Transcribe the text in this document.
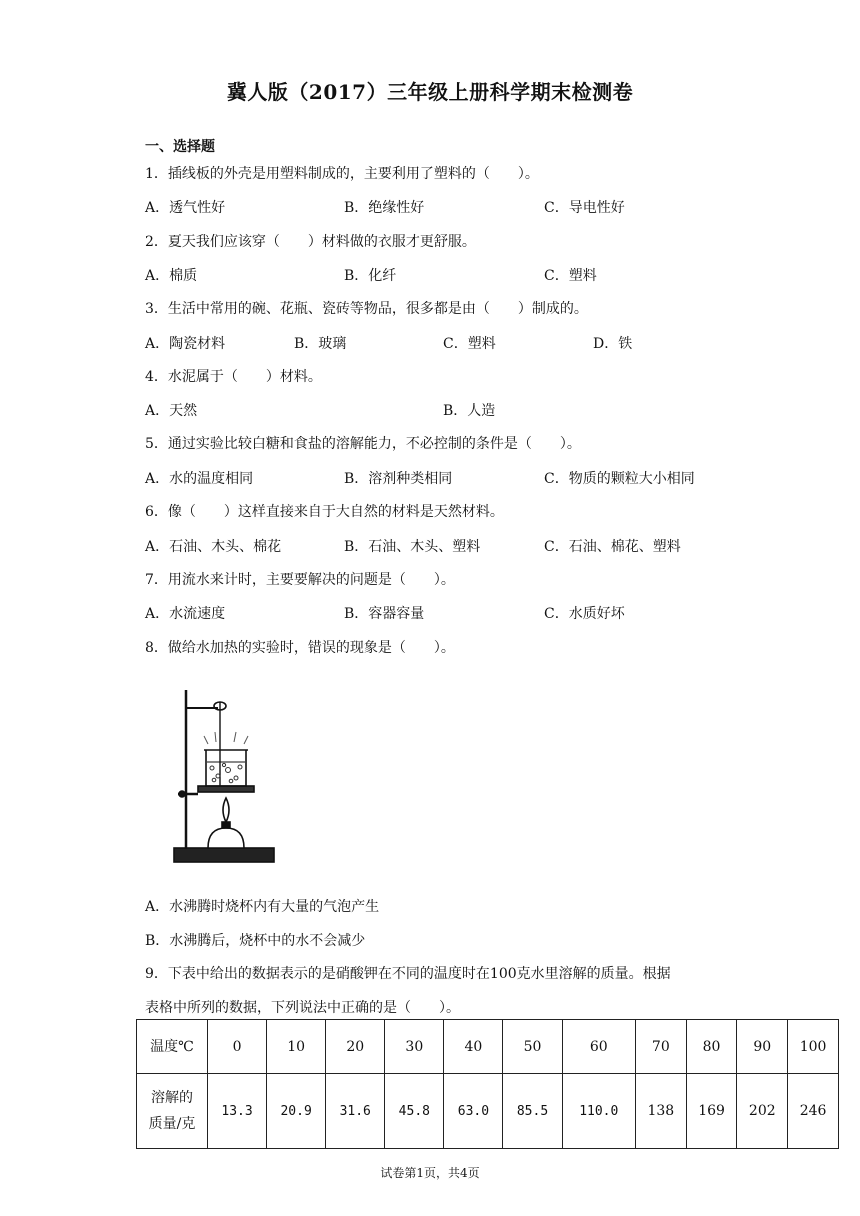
冀人版（2017）三年级上册科学期末检测卷
一、选择题
1．插线板的外壳是用塑料制成的，主要利用了塑料的（　　）。
A．透气性好	B．绝缘性好	C．导电性好
2．夏天我们应该穿（　　）材料做的衣服才更舒服。
A．棉质	B．化纤	C．塑料
3．生活中常用的碗、花瓶、瓷砖等物品，很多都是由（　　）制成的。
A．陶瓷材料	B．玻璃	C．塑料	D．铁
4．水泥属于（　　）材料。
A．天然	B．人造
5．通过实验比较白糖和食盐的溶解能力，不必控制的条件是（　　）。
A．水的温度相同	B．溶剂种类相同	C．物质的颗粒大小相同
6．像（　　）这样直接来自于大自然的材料是天然材料。
A．石油、木头、棉花	B．石油、木头、塑料	C．石油、棉花、塑料
7．用流水来计时，主要要解决的问题是（　　）。
A．水流速度	B．容器容量	C．水质好坏
8．做给水加热的实验时，错误的现象是（　　）。
A．水沸腾时烧杯内有大量的气泡产生
B．水沸腾后，烧杯中的水不会减少
9．下表中给出的数据表示的是硝酸钾在不同的温度时在100克水里溶解的质量。根据
表格中所列的数据，下列说法中正确的是（　　）。
温度℃	0	10	20	30	40	50	60	70	80	90	100

溶解的
质量/克	13.3	20.9	31.6	45.8	63.0	85.5	110.0	138	169	202	246
试卷第1页，共4页
